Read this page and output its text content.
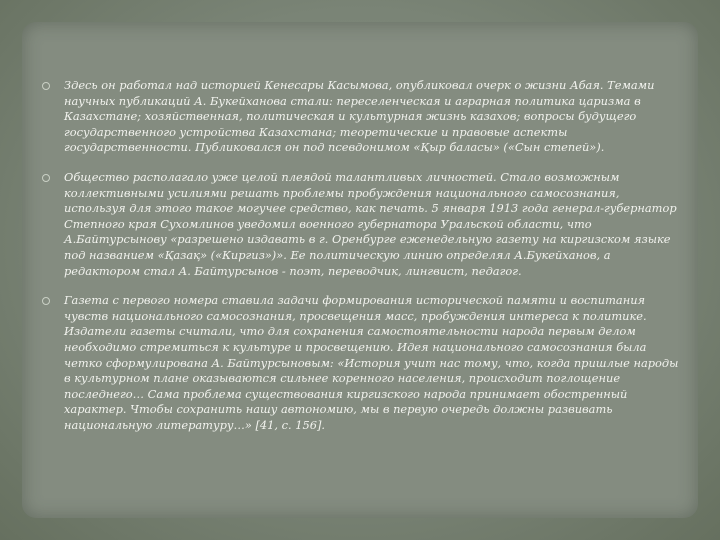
Здесь он работал над историей Кенесары Касымова, опубликовал очерк о жизни Абая. Темами научных публикаций А. Букейханова стали: переселенческая и аграрная политика царизма в Казахстане; хозяйственная, политическая и культурная жизнь казахов; вопросы будущего государственного устройства Казахстана; теоретические и правовые аспекты государственности. Публиковался он под псевдонимом «Қыр баласы» («Сын степей»).
Общество располагало уже целой плеядой талантливых личностей. Стало возможным коллективными усилиями решать проблемы пробуждения национального самосознания, используя для этого такое могучее средство, как печать. 5 января 1913 года генерал-губернатор Степного края Сухомлинов уведомил военного губернатора Уральской области, что А.Байтурсынову «разрешено издавать в г. Оренбурге еженедельную газету на киргизском языке под названием «Қазақ» («Киргиз»)». Ее политическую линию определял А.Букейханов, а редактором стал А. Байтурсынов - поэт, переводчик, лингвист, педагог.
Газета с первого номера ставила задачи формирования исторической памяти и воспитания чувств национального самосознания, просвещения масс, пробуждения интереса к политике. Издатели газеты считали, что для сохранения самостоятельности народа первым делом необходимо стремиться к культуре и просвещению. Идея национального самосознания была четко сформулирована А. Байтурсыновым: «История учит нас тому, что, когда пришлые народы в культурном плане оказываются сильнее коренного населения, происходит поглощение последнего… Сама проблема существования киргизского народа принимает обостренный характер. Чтобы сохранить нашу автономию, мы в первую очередь должны развивать национальную литературу…» [41, с. 156].
